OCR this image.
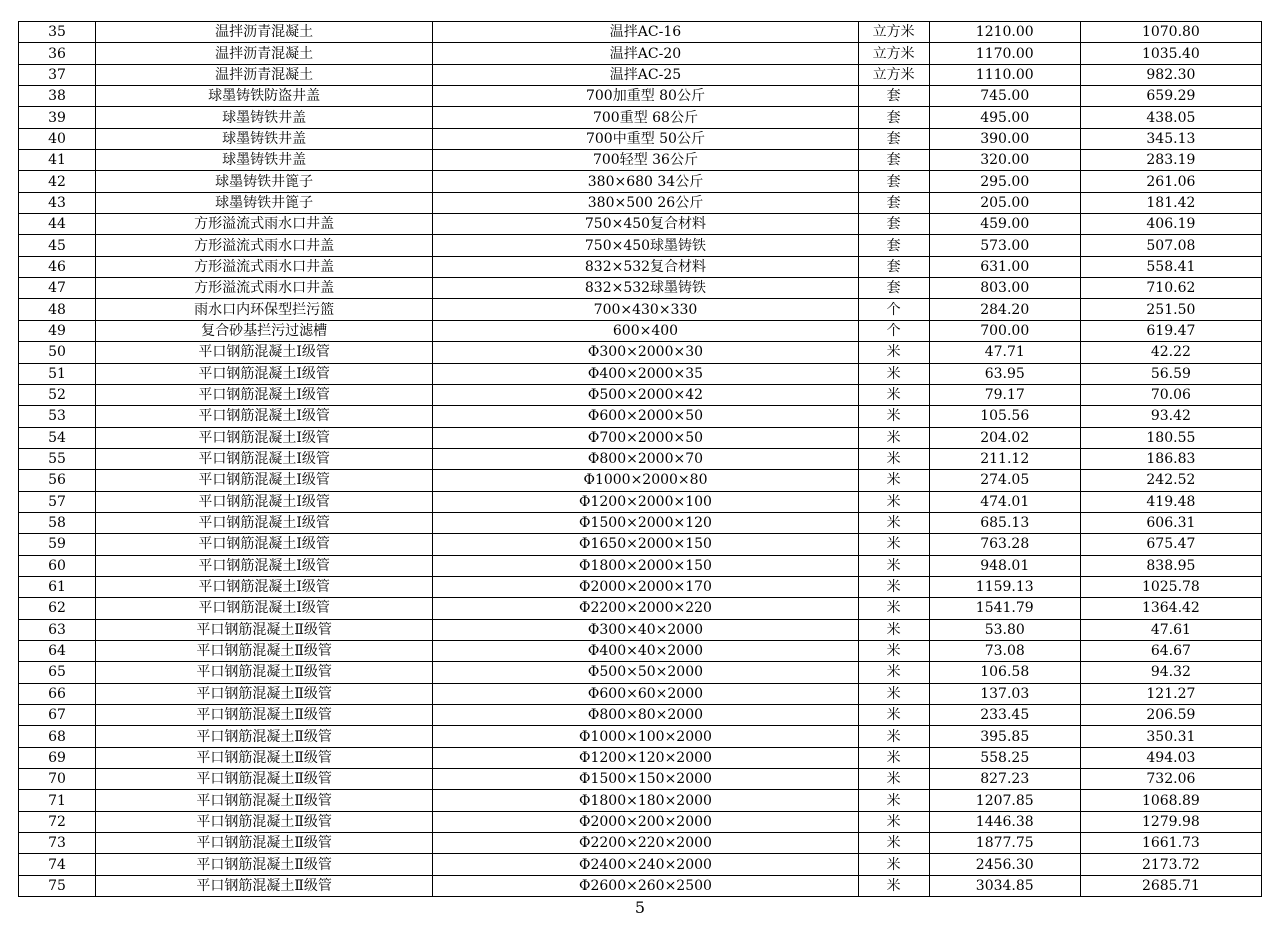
35	温拌沥青混凝土	温拌AC-16	立方米	1210.00	1070.80
36	温拌沥青混凝土	温拌AC-20	立方米	1170.00	1035.40
37	温拌沥青混凝土	温拌AC-25	立方米	1110.00	982.30
38	球墨铸铁防盗井盖	700加重型 80公斤	套	745.00	659.29
39	球墨铸铁井盖	700重型 68公斤	套	495.00	438.05
40	球墨铸铁井盖	700中重型 50公斤	套	390.00	345.13
41	球墨铸铁井盖	700轻型 36公斤	套	320.00	283.19
42	球墨铸铁井篦子	380×680 34公斤	套	295.00	261.06
43	球墨铸铁井篦子	380×500 26公斤	套	205.00	181.42
44	方形溢流式雨水口井盖	750×450复合材料	套	459.00	406.19
45	方形溢流式雨水口井盖	750×450球墨铸铁	套	573.00	507.08
46	方形溢流式雨水口井盖	832×532复合材料	套	631.00	558.41
47	方形溢流式雨水口井盖	832×532球墨铸铁	套	803.00	710.62
48	雨水口内环保型拦污篮	700×430×330	个	284.20	251.50
49	复合砂基拦污过滤槽	600×400	个	700.00	619.47
50	平口钢筋混凝土Ⅰ级管	Φ300×2000×30	米	47.71	42.22
51	平口钢筋混凝土Ⅰ级管	Φ400×2000×35	米	63.95	56.59
52	平口钢筋混凝土Ⅰ级管	Φ500×2000×42	米	79.17	70.06
53	平口钢筋混凝土Ⅰ级管	Φ600×2000×50	米	105.56	93.42
54	平口钢筋混凝土Ⅰ级管	Φ700×2000×50	米	204.02	180.55
55	平口钢筋混凝土Ⅰ级管	Φ800×2000×70	米	211.12	186.83
56	平口钢筋混凝土Ⅰ级管	Φ1000×2000×80	米	274.05	242.52
57	平口钢筋混凝土Ⅰ级管	Φ1200×2000×100	米	474.01	419.48
58	平口钢筋混凝土Ⅰ级管	Φ1500×2000×120	米	685.13	606.31
59	平口钢筋混凝土Ⅰ级管	Φ1650×2000×150	米	763.28	675.47
60	平口钢筋混凝土Ⅰ级管	Φ1800×2000×150	米	948.01	838.95
61	平口钢筋混凝土Ⅰ级管	Φ2000×2000×170	米	1159.13	1025.78
62	平口钢筋混凝土Ⅰ级管	Φ2200×2000×220	米	1541.79	1364.42
63	平口钢筋混凝土Ⅱ级管	Φ300×40×2000	米	53.80	47.61
64	平口钢筋混凝土Ⅱ级管	Φ400×40×2000	米	73.08	64.67
65	平口钢筋混凝土Ⅱ级管	Φ500×50×2000	米	106.58	94.32
66	平口钢筋混凝土Ⅱ级管	Φ600×60×2000	米	137.03	121.27
67	平口钢筋混凝土Ⅱ级管	Φ800×80×2000	米	233.45	206.59
68	平口钢筋混凝土Ⅱ级管	Φ1000×100×2000	米	395.85	350.31
69	平口钢筋混凝土Ⅱ级管	Φ1200×120×2000	米	558.25	494.03
70	平口钢筋混凝土Ⅱ级管	Φ1500×150×2000	米	827.23	732.06
71	平口钢筋混凝土Ⅱ级管	Φ1800×180×2000	米	1207.85	1068.89
72	平口钢筋混凝土Ⅱ级管	Φ2000×200×2000	米	1446.38	1279.98
73	平口钢筋混凝土Ⅱ级管	Φ2200×220×2000	米	1877.75	1661.73
74	平口钢筋混凝土Ⅱ级管	Φ2400×240×2000	米	2456.30	2173.72
75	平口钢筋混凝土Ⅱ级管	Φ2600×260×2500	米	3034.85	2685.71
5
